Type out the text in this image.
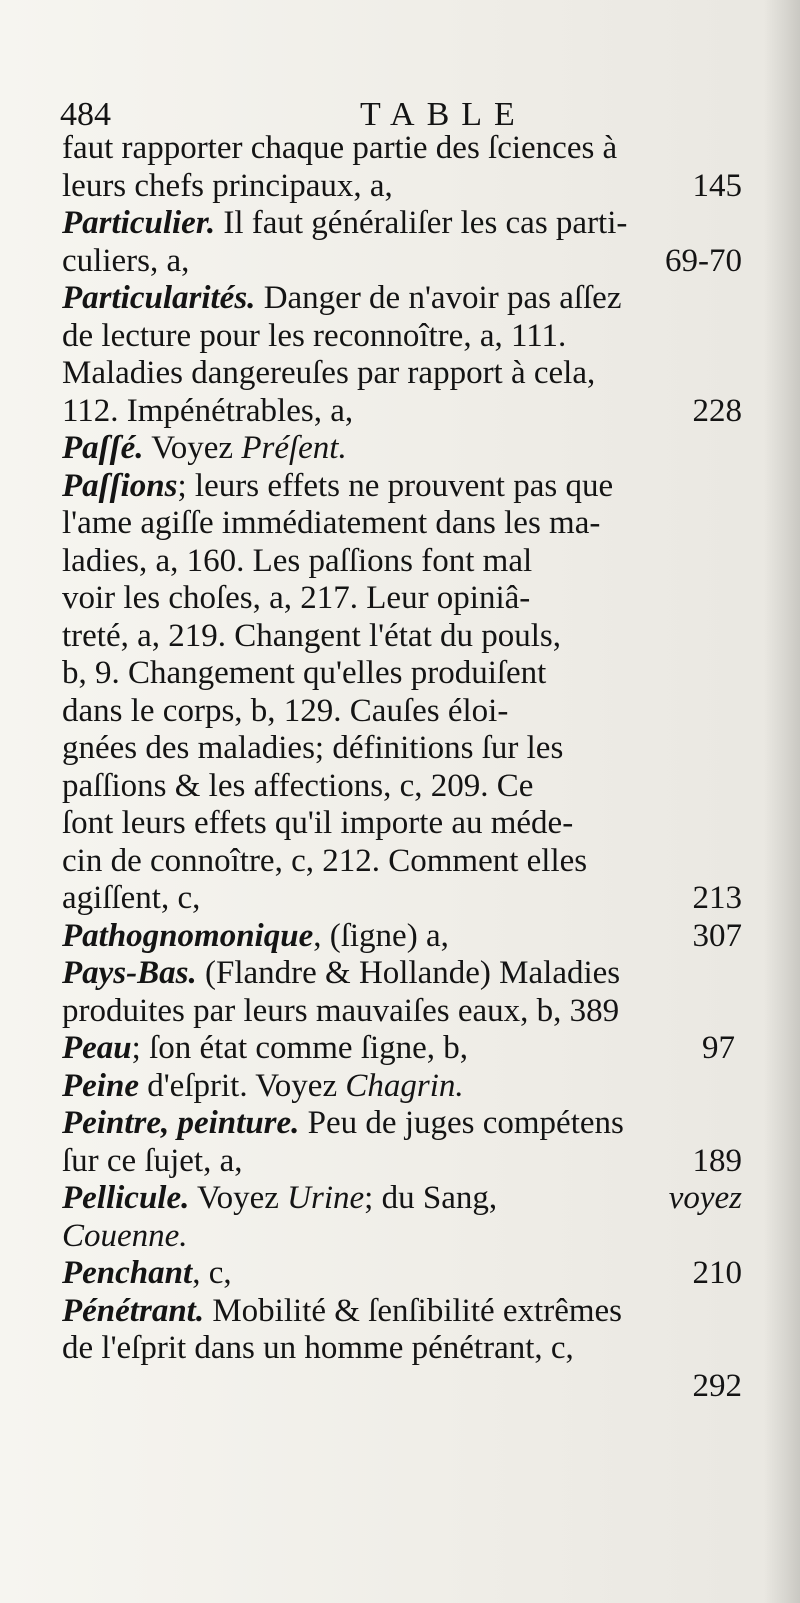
484	TABLE

faut rapporter chaque partie des ſciences à
leurs chefs principaux, a,	145

Particulier. Il faut généraliſer les cas parti-
culiers, a,	69-70

Particularités. Danger de n'avoir pas aſſez
de lecture pour les reconnoître, a, 111.
Maladies dangereuſes par rapport à cela,
112. Impénétrables, a,	228

Paſſé. Voyez Préſent.

Paſſions; leurs effets ne prouvent pas que
l'ame agiſſe immédiatement dans les ma-
ladies, a, 160. Les paſſions font mal
voir les choſes, a, 217. Leur opiniâ-
treté, a, 219. Changent l'état du pouls,
b, 9. Changement qu'elles produiſent
dans le corps, b, 129. Cauſes éloi-
gnées des maladies; définitions ſur les
paſſions & les affections, c, 209. Ce
ſont leurs effets qu'il importe au méde-
cin de connoître, c, 212. Comment elles
agiſſent, c,	213

Pathognomonique, (ſigne) a,	307

Pays-Bas. (Flandre & Hollande) Maladies
produites par leurs mauvaiſes eaux, b, 389

Peau; ſon état comme ſigne, b,	97

Peine d'eſprit. Voyez Chagrin.

Peintre, peinture. Peu de juges compétens
ſur ce ſujet, a,	189

Pellicule. Voyez Urine; du Sang,	voyez
Couenne.

Penchant, c,	210

Pénétrant. Mobilité & ſenſibilité extrêmes
de l'eſprit dans un homme pénétrant, c,
292
